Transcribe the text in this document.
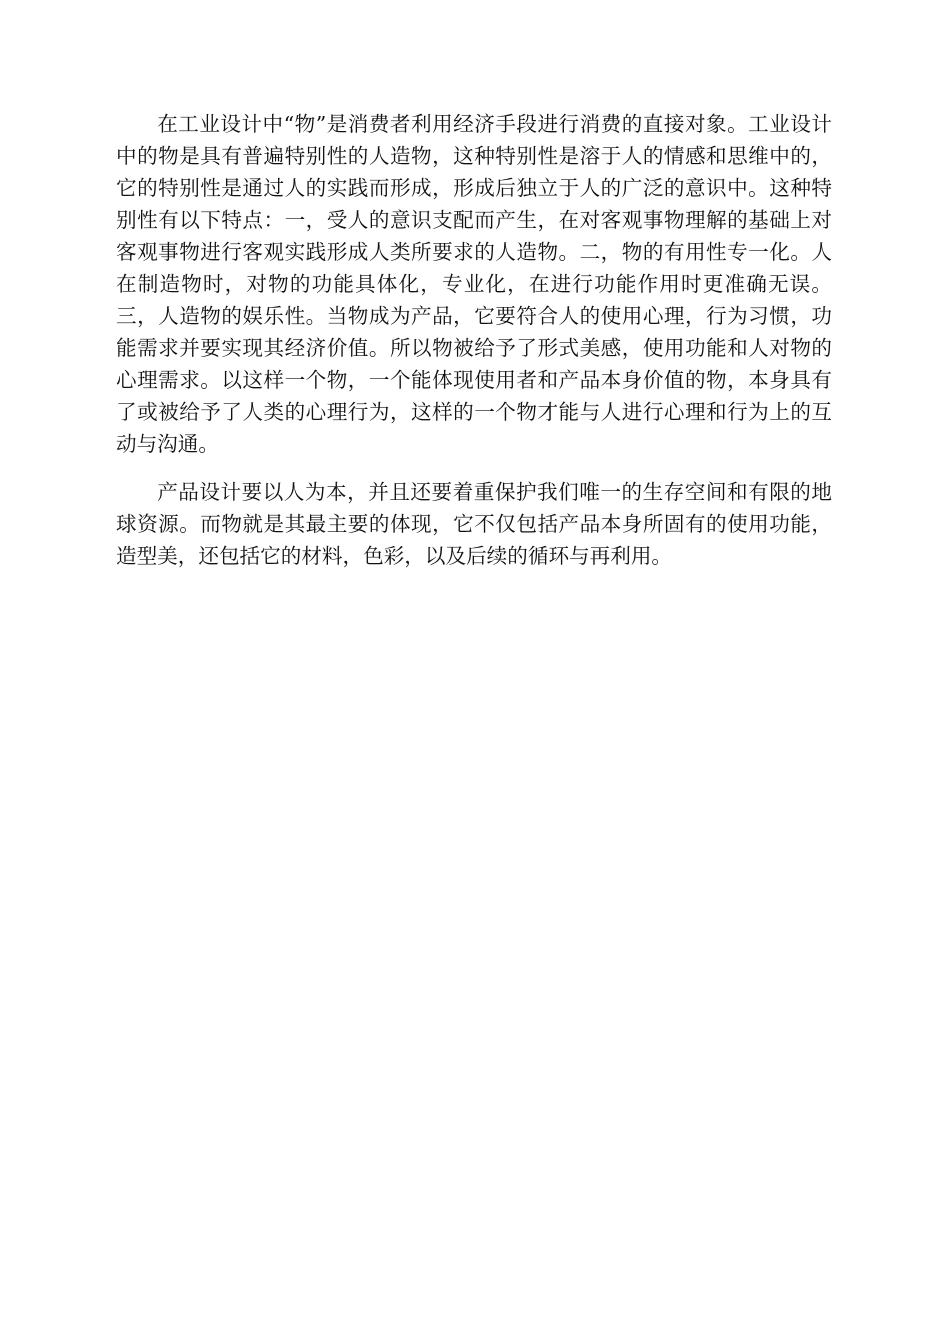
在工业设计中“物”是消费者利用经济手段进行消费的直接对象。工业设计中的物是具有普遍特别性的人造物，这种特别性是溶于人的情感和思维中的，它的特别性是通过人的实践而形成，形成后独立于人的广泛的意识中。这种特别性有以下特点：一，受人的意识支配而产生，在对客观事物理解的基础上对客观事物进行客观实践形成人类所要求的人造物。二，物的有用性专一化。人在制造物时，对物的功能具体化，专业化，在进行功能作用时更准确无误。三，人造物的娱乐性。当物成为产品，它要符合人的使用心理，行为习惯，功能需求并要实现其经济价值。所以物被给予了形式美感，使用功能和人对物的心理需求。以这样一个物，一个能体现使用者和产品本身价值的物，本身具有了或被给予了人类的心理行为，这样的一个物才能与人进行心理和行为上的互动与沟通。

产品设计要以人为本，并且还要着重保护我们唯一的生存空间和有限的地球资源。而物就是其最主要的体现，它不仅包括产品本身所固有的使用功能，造型美，还包括它的材料，色彩，以及后续的循环与再利用。
